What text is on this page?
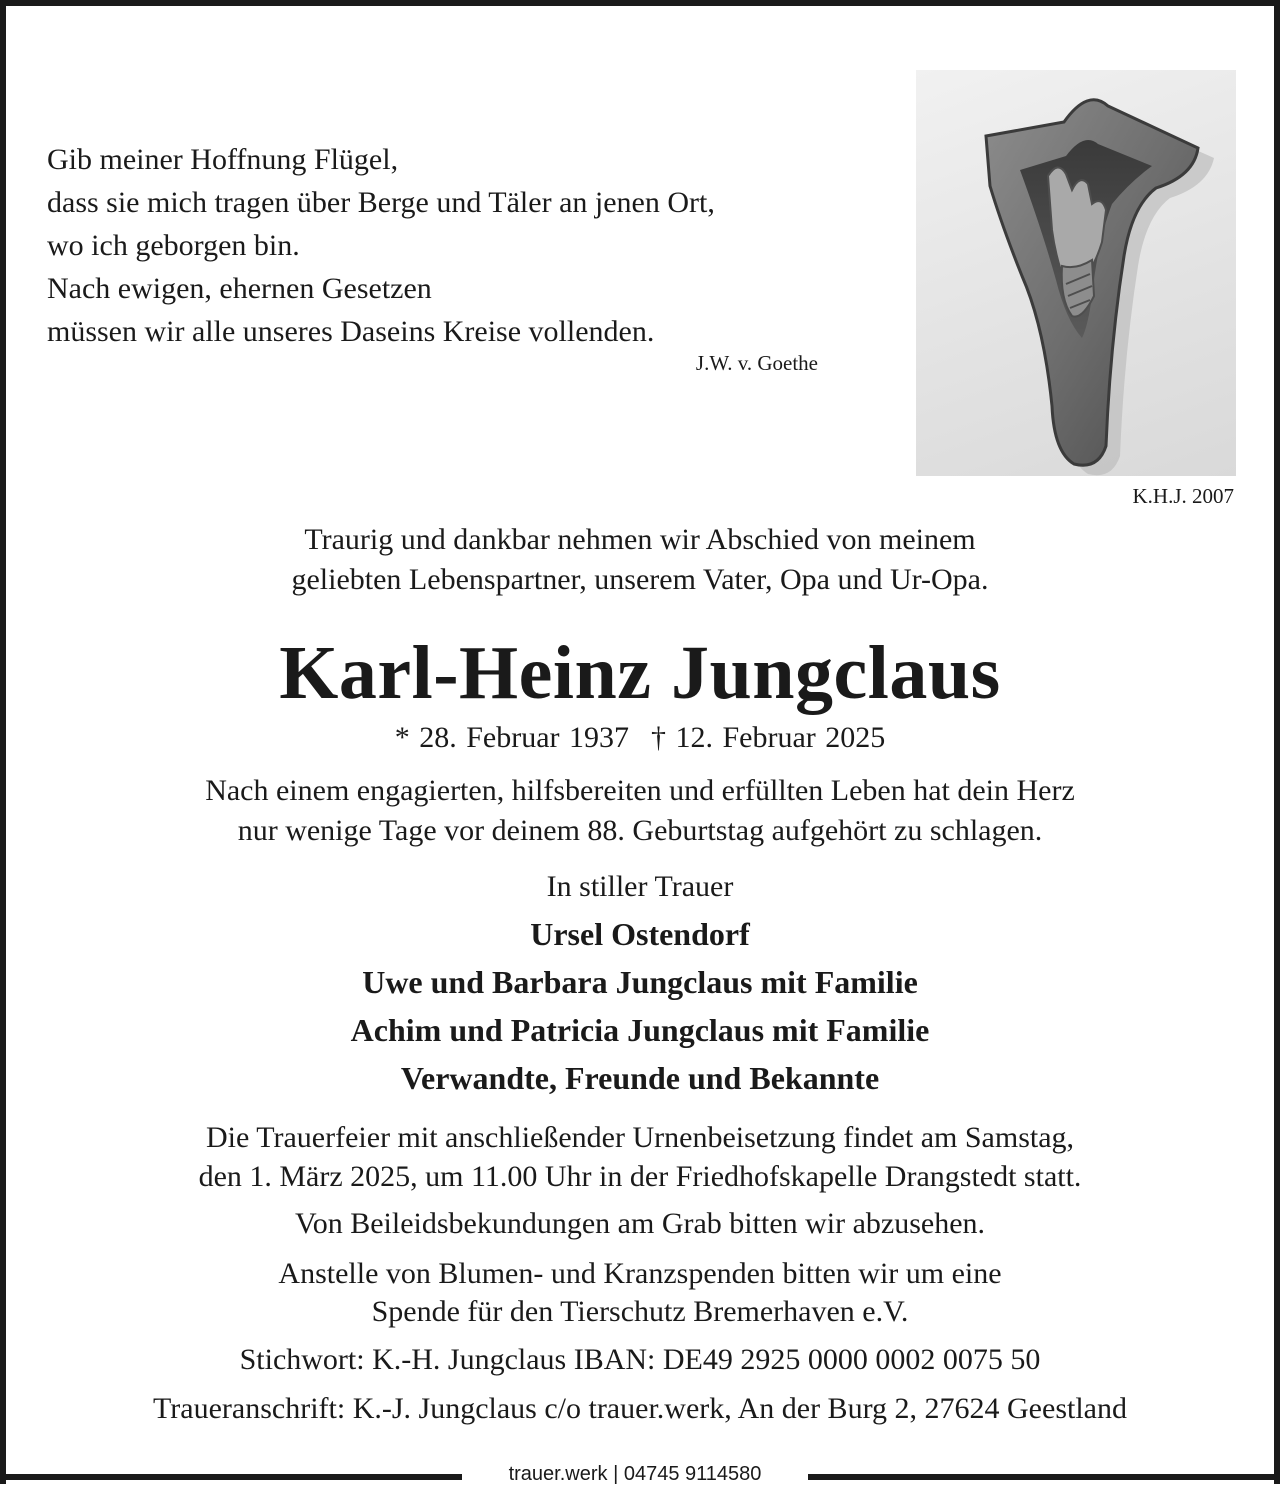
trauer.werk | 04745 9114580
Gib meiner Hoffnung Flügel,
dass sie mich tragen über Berge und Täler an jenen Ort,
wo ich geborgen bin.
Nach ewigen, ehernen Gesetzen
müssen wir alle unseres Daseins Kreise vollenden.
J.W. v. Goethe
K.H.J. 2007
Traurig und dankbar nehmen wir Abschied von meinem
geliebten Lebenspartner, unserem Vater, Opa und Ur-Opa.
Karl-Heinz Jungclaus
* 28. Februar 1937 † 12. Februar 2025
Nach einem engagierten, hilfsbereiten und erfüllten Leben hat dein Herz
nur wenige Tage vor deinem 88. Geburtstag aufgehört zu schlagen.
In stiller Trauer
Ursel Ostendorf
Uwe und Barbara Jungclaus mit Familie
Achim und Patricia Jungclaus mit Familie
Verwandte, Freunde und Bekannte
Die Trauerfeier mit anschließender Urnenbeisetzung findet am Samstag,
den 1. März 2025, um 11.00 Uhr in der Friedhofskapelle Drangstedt statt.
Von Beileidsbekundungen am Grab bitten wir abzusehen.
Anstelle von Blumen- und Kranzspenden bitten wir um eine
Spende für den Tierschutz Bremerhaven e.V.
Stichwort: K.-H. Jungclaus IBAN: DE49 2925 0000 0002 0075 50
Traueranschrift: K.-J. Jungclaus c/o trauer.werk, An der Burg 2, 27624 Geestland
